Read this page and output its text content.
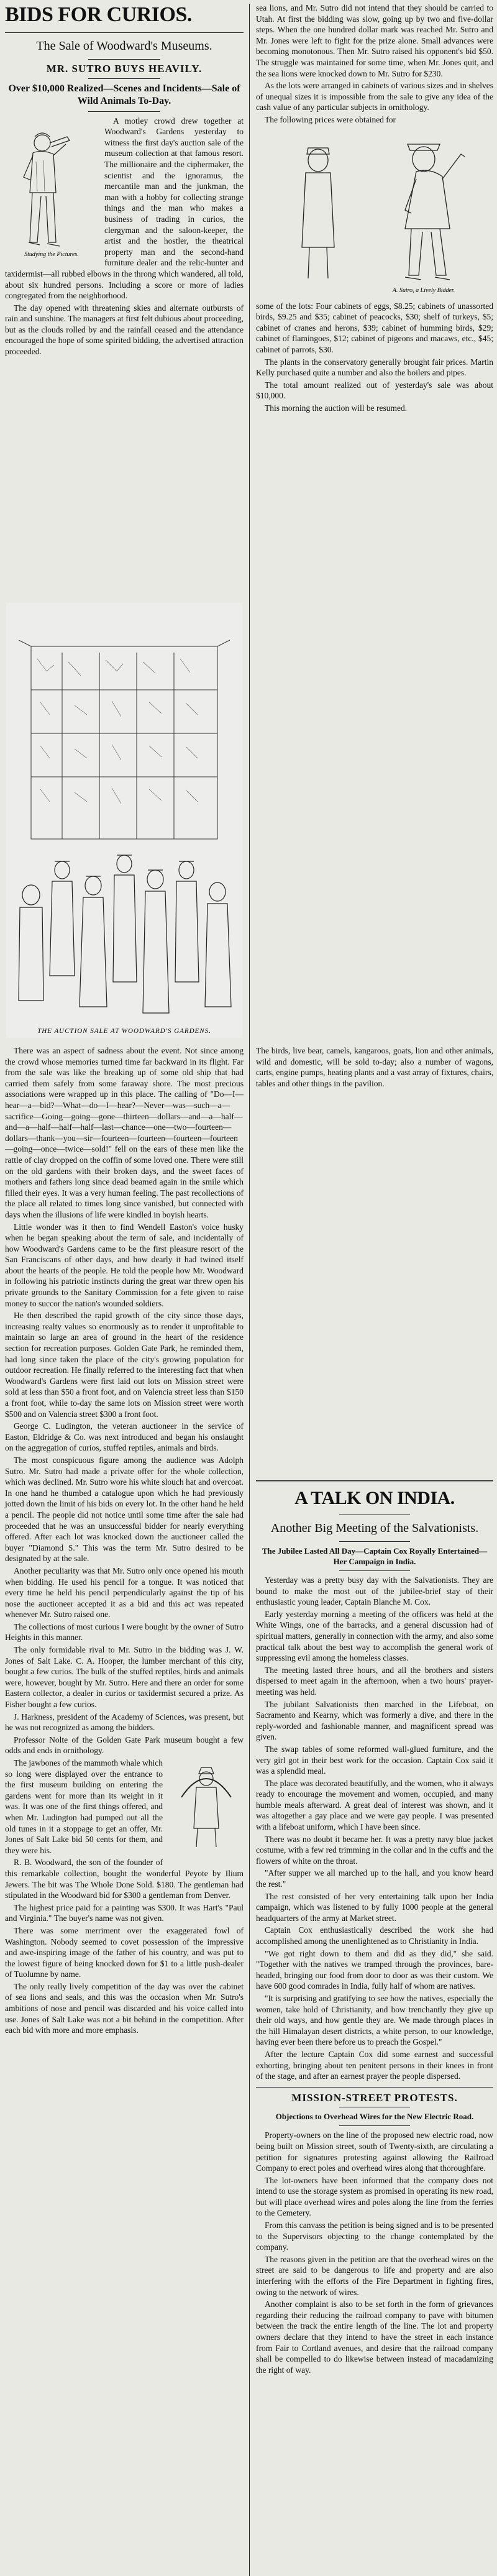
BIDS FOR CURIOS.
The Sale of Woodward's Museums.
MR. SUTRO BUYS HEAVILY.
Over $10,000 Realized—Scenes and Incidents—Sale of Wild Animals To-Day.
Studying the Pictures.

A motley crowd drew together at Woodward's Gardens yesterday to witness the first day's auction sale of the museum collection at that famous resort. The millionaire and the ciphermaker, the scientist and the ignoramus, the mercantile man and the junkman, the man with a hobby for collecting strange things and the man who makes a business of trading in curios, the clergyman and the saloon-keeper, the artist and the hostler, the theatrical property man and the second-hand furniture dealer and the relic-hunter and taxidermist—all rubbed elbows in the throng which wandered, all told, about six hundred persons. Including a score or more of ladies congregated from the neighborhood.

The day opened with threatening skies and alternate outbursts of rain and sunshine. The managers at first felt dubious about proceeding, but as the clouds rolled by and the rainfall ceased and the attendance encouraged the hope of some spirited bidding, the advertised attraction proceeded.

THE AUCTION SALE AT WOODWARD'S GARDENS.

There was an aspect of sadness about the event. Not since among the crowd whose memories turned time far backward in its flight. Far from the sale was like the breaking up of some old ship that had carried them safely from some faraway shore. The most precious associations were wrapped up in this place. The calling of "Do—I—hear—a—bid?—What—do—I—hear?—Never—was—such—a—sacrifice—Going—going—gone—thirteen—dollars—and—a—half—and—a—half—half—half—last—chance—one—two—fourteen—dollars—thank—you—sir—fourteen—fourteen—fourteen—fourteen—going—once—twice—sold!" fell on the ears of these men like the rattle of clay dropped on the coffin of some loved one. There were still on the old gardens with their broken days, and the sweet faces of mothers and fathers long since dead beamed again in the smile which filled their eyes. It was a very human feeling. The past recollections of the place all related to times long since vanished, but connected with days when the illusions of life were kindled in boyish hearts.

Little wonder was it then to find Wendell Easton's voice husky when he began speaking about the term of sale, and incidentally of how Woodward's Gardens came to be the first pleasure resort of the San Franciscans of other days, and how dearly it had twined itself about the hearts of the people. He told the people how Mr. Woodward in following his patriotic instincts during the great war threw open his private grounds to the Sanitary Commission for a fete given to raise money to succor the nation's wounded soldiers.

He then described the rapid growth of the city since those days, increasing realty values so enormously as to render it unprofitable to maintain so large an area of ground in the heart of the residence section for recreation purposes. Golden Gate Park, he reminded them, had long since taken the place of the city's growing population for outdoor recreation. He finally referred to the interesting fact that when Woodward's Gardens were first laid out lots on Mission street were sold at less than $50 a front foot, and on Valencia street less than $150 a front foot, while to-day the same lots on Mission street were worth $500 and on Valencia street $300 a front foot.

George C. Ludington, the veteran auctioneer in the service of Easton, Eldridge & Co. was next introduced and began his onslaught on the aggregation of curios, stuffed reptiles, animals and birds.

The most conspicuous figure among the audience was Adolph Sutro. Mr. Sutro had made a private offer for the whole collection, which was declined. Mr. Sutro wore his white slouch hat and overcoat. In one hand he thumbed a catalogue upon which he had previously jotted down the limit of his bids on every lot. In the other hand he held a pencil. The people did not notice until some time after the sale had proceeded that he was an unsuccessful bidder for nearly everything offered. After each lot was knocked down the auctioneer called the buyer "Diamond S." This was the term Mr. Sutro desired to be designated by at the sale.

Another peculiarity was that Mr. Sutro only once opened his mouth when bidding. He used his pencil for a tongue. It was noticed that every time he held his pencil perpendicularly against the tip of his nose the auctioneer accepted it as a bid and this act was repeated whenever Mr. Sutro raised one.

The collections of most curious I were bought by the owner of Sutro Heights in this manner.

The only formidable rival to Mr. Sutro in the bidding was J. W. Jones of Salt Lake. C. A. Hooper, the lumber merchant of this city, bought a few curios. The bulk of the stuffed reptiles, birds and animals were, however, bought by Mr. Sutro. Here and there an order for some Eastern collector, a dealer in curios or taxidermist secured a prize. As Fisher bought a few curios.

J. Harkness, president of the Academy of Sciences, was present, but he was not recognized as among the bidders.

Professor Nolte of the Golden Gate Park museum bought a few odds and ends in ornithology.

The jawbones of the mammoth whale which so long were displayed over the entrance to the first museum building on entering the gardens went for more than its weight in it was. It was one of the first things offered, and when Mr. Ludington had pumped out all the old tunes in it a stoppage to get an offer, Mr. Jones of Salt Lake bid 50 cents for them, and they were his.

R. B. Woodward, the son of the founder of this remarkable collection, bought the wonderful Peyote by Ilium Jewers. The bit was The Whole Done Sold. $180. The gentleman had stipulated in the Woodward bid for $300 a gentleman from Denver.

The highest price paid for a painting was $300. It was Hart's "Paul and Virginia." The buyer's name was not given.

There was some merriment over the exaggerated fowl of Washington. Nobody seemed to covet possession of the impressive and awe-inspiring image of the father of his country, and was put to the lowest figure of being knocked down for $1 to a little push-dealer of Tuolumne by name.

The only really lively competition of the day was over the cabinet of sea lions and seals, and this was the occasion when Mr. Sutro's ambitions of nose and pencil was discarded and his voice called into use. Jones of Salt Lake was not a bit behind in the competition. After each bid with more and more emphasis.

sea lions, and Mr. Sutro did not intend that they should be carried to Utah. At first the bidding was slow, going up by two and five-dollar steps. When the one hundred dollar mark was reached Mr. Sutro and Mr. Jones were left to fight for the prize alone. Small advances were becoming monotonous. Then Mr. Sutro raised his opponent's bid $50. The struggle was maintained for some time, when Mr. Jones quit, and the sea lions were knocked down to Mr. Sutro for $230.

As the lots were arranged in cabinets of various sizes and in shelves of unequal sizes it is impossible from the sale to give any idea of the cash value of any particular subjects in ornithology.

The following prices were obtained for

A. Sutro, a Lively Bidder.

some of the lots: Four cabinets of eggs, $8.25; cabinets of unassorted birds, $9.25 and $35; cabinet of peacocks, $30; shelf of turkeys, $5; cabinet of cranes and herons, $39; cabinet of humming birds, $29; cabinet of flamingoes, $12; cabinet of pigeons and macaws, etc., $45; cabinet of parrots, $30.

The plants in the conservatory generally brought fair prices. Martin Kelly purchased quite a number and also the boilers and pipes.

The total amount realized out of yesterday's sale was about $10,000.

This morning the auction will be resumed.

The birds, live bear, camels, kangaroos, goats, lion and other animals, wild and domestic, will be sold to-day; also a number of wagons, carts, engine pumps, heating plants and a vast array of fixtures, chairs, tables and other things in the pavilion.

A TALK ON INDIA.
Another Big Meeting of the Salvationists.
The Jubilee Lasted All Day—Captain Cox Royally Entertained—Her Campaign in India.

Yesterday was a pretty busy day with the Salvationists. They are bound to make the most out of the jubilee-brief stay of their enthusiastic young leader, Captain Blanche M. Cox.

Early yesterday morning a meeting of the officers was held at the White Wings, one of the barracks, and a general discussion had of spiritual matters, generally in connection with the army, and also some practical talk about the best way to accomplish the general work of suppressing evil among the homeless classes.

The meeting lasted three hours, and all the brothers and sisters dispersed to meet again in the afternoon, when a two hours' prayer-meeting was held.

The jubilant Salvationists then marched in the Lifeboat, on Sacramento and Kearny, which was formerly a dive, and there in the reply-worded and fashionable manner, and magnificent spread was given.

The swap tables of some reformed wall-glued furniture, and the very girl got in their best work for the occasion. Captain Cox said it was a splendid meal.

The place was decorated beautifully, and the women, who it always ready to encourage the movement and women, occupied, and many humble meals afterward. A great deal of interest was shown, and it was altogether a gay place and we were gay people. I was presented with a lifeboat uniform, which I have been since.

There was no doubt it became her. It was a pretty navy blue jacket costume, with a few red trimming in the collar and in the cuffs and the flowers of white on the throat.

"After supper we all marched up to the hall, and you know heard the rest."

The rest consisted of her very entertaining talk upon her India campaign, which was listened to by fully 1000 people at the general headquarters of the army at Market street.

Captain Cox enthusiastically described the work she had accomplished among the unenlightened as to Christianity in India.

"We got right down to them and did as they did," she said. "Together with the natives we tramped through the provinces, bare-headed, bringing our food from door to door as was their custom. We have 600 good comrades in India, fully half of whom are natives.

"It is surprising and gratifying to see how the natives, especially the women, take hold of Christianity, and how trenchantly they give up their old ways, and how gentle they are. We made through places in the hill Himalayan desert districts, a white person, to our knowledge, having ever been there before us to preach the Gospel."

After the lecture Captain Cox did some earnest and successful exhorting, bringing about ten penitent persons in their knees in front of the stage, and after an earnest prayer the people dispersed.

MISSION-STREET PROTESTS.
Objections to Overhead Wires for the New Electric Road.

Property-owners on the line of the proposed new electric road, now being built on Mission street, south of Twenty-sixth, are circulating a petition for signatures protesting against allowing the Railroad Company to erect poles and overhead wires along that thoroughfare.

The lot-owners have been informed that the company does not intend to use the storage system as promised in operating its new road, but will place overhead wires and poles along the line from the ferries to the Cemetery.

From this canvass the petition is being signed and is to be presented to the Supervisors objecting to the change contemplated by the company.

The reasons given in the petition are that the overhead wires on the street are said to be dangerous to life and property and are also interfering with the efforts of the Fire Department in fighting fires, owing to the network of wires.

Another complaint is also to be set forth in the form of grievances regarding their reducing the railroad company to pave with bitumen between the track the entire length of the line. The lot and property owners declare that they intend to have the street in each instance from Fair to Cortland avenues, and desire that the railroad company shall be compelled to do likewise between instead of macadamizing the right of way.
